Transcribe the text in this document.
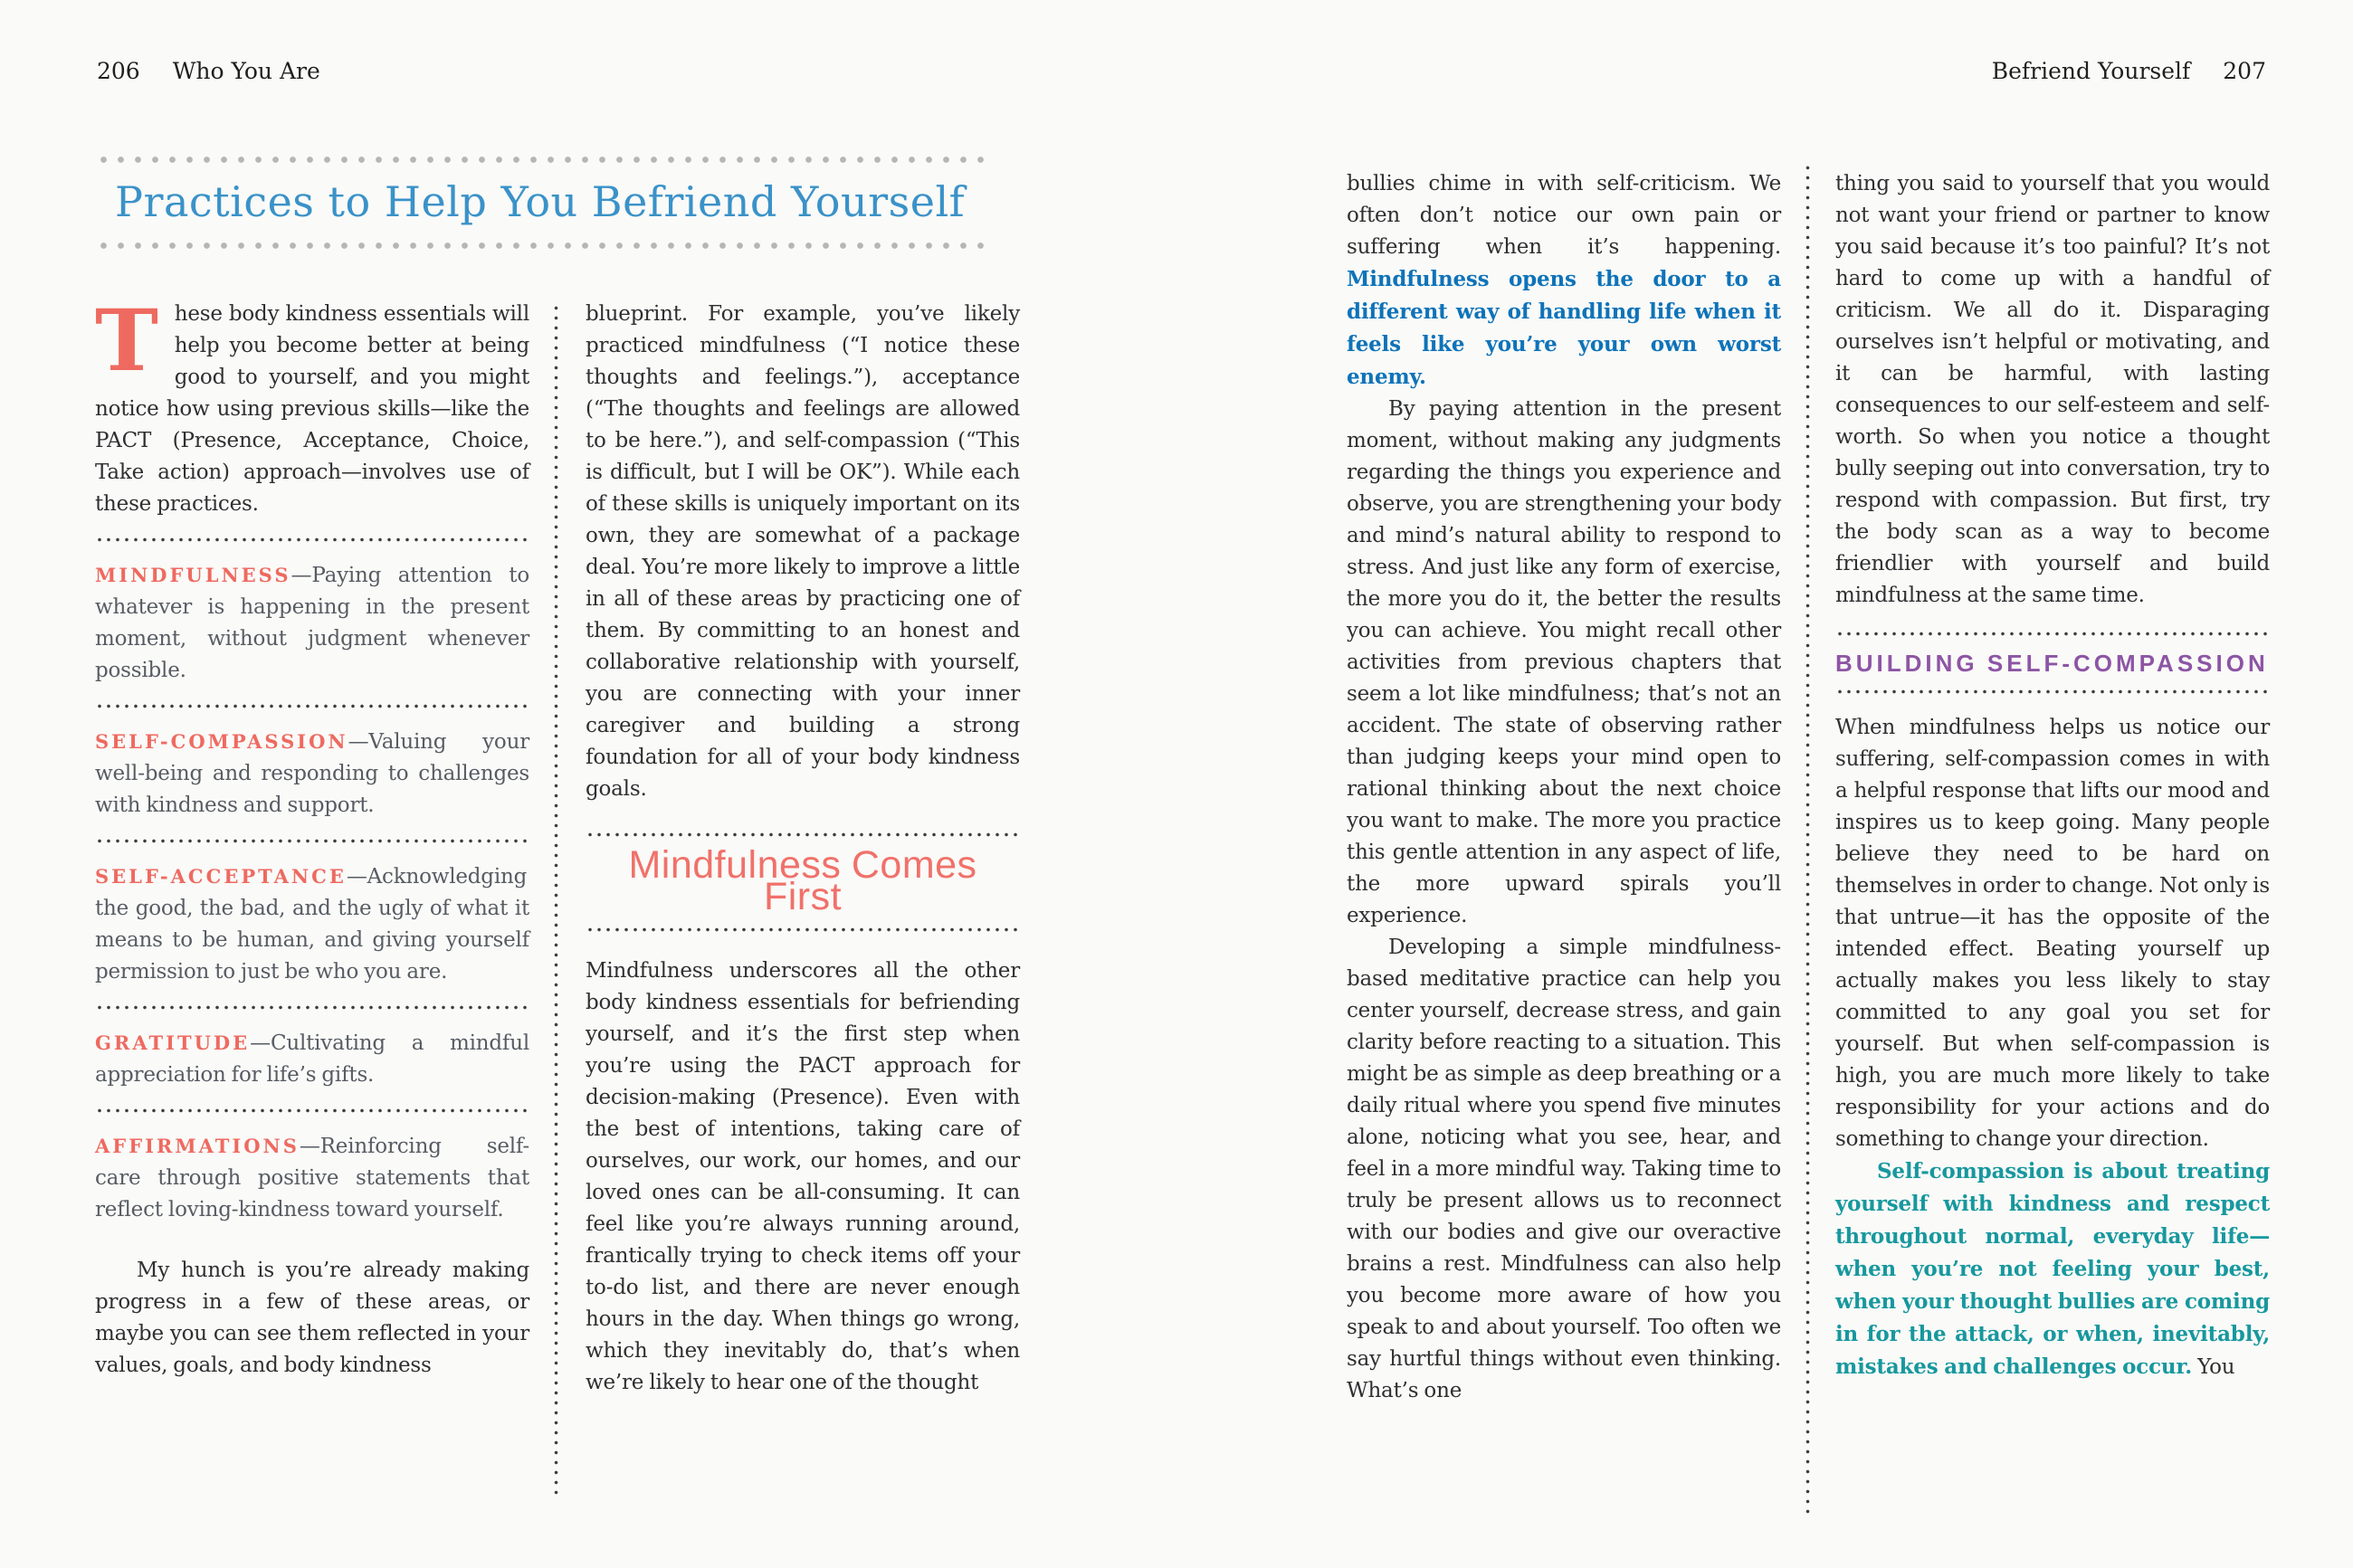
206 Who You Are	Befriend Yourself 207
Practices to Help You Befriend Yourself

These body kindness essentials will help you become better at being good to yourself, and you might notice how using previous skills—like the PACT (Presence, Acceptance, Choice, Take action) approach—involves use of these practices.

MINDFULNESS—Paying attention to whatever is happening in the present moment, without judgment whenever possible.

SELF-COMPASSION—Valuing your well-being and responding to challenges with kindness and support.

SELF-ACCEPTANCE—Acknowledging the good, the bad, and the ugly of what it means to be human, and giving yourself permission to just be who you are.

GRATITUDE—Cultivating a mindful appreciation for life’s gifts.

AFFIRMATIONS—Reinforcing self-care through positive statements that reflect loving-kindness toward yourself.

My hunch is you’re already making progress in a few of these areas, or maybe you can see them reflected in your values, goals, and body kindness

blueprint. For example, you’ve likely practiced mindfulness (“I notice these thoughts and feelings.”), acceptance (“The thoughts and feelings are allowed to be here.”), and self-compassion (“This is difficult, but I will be OK”). While each of these skills is uniquely important on its own, they are somewhat of a package deal. You’re more likely to improve a little in all of these areas by practicing one of them. By committing to an honest and collaborative relationship with yourself, you are connecting with your inner caregiver and building a strong foundation for all of your body kindness goals.

Mindfulness Comes First

Mindfulness underscores all the other body kindness essentials for befriending yourself, and it’s the first step when you’re using the PACT approach for decision-making (Presence). Even with the best of intentions, taking care of ourselves, our work, our homes, and our loved ones can be all-consuming. It can feel like you’re always running around, frantically trying to check items off your to-do list, and there are never enough hours in the day. When things go wrong, which they inevitably do, that’s when we’re likely to hear one of the thought

bullies chime in with self-criticism. We often don’t notice our own pain or suffering when it’s happening. Mindfulness opens the door to a different way of handling life when it feels like you’re your own worst enemy.

By paying attention in the present moment, without making any judgments regarding the things you experience and observe, you are strengthening your body and mind’s natural ability to respond to stress. And just like any form of exercise, the more you do it, the better the results you can achieve. You might recall other activities from previous chapters that seem a lot like mindfulness; that’s not an accident. The state of observing rather than judging keeps your mind open to rational thinking about the next choice you want to make. The more you practice this gentle attention in any aspect of life, the more upward spirals you’ll experience.

Developing a simple mindfulness-based meditative practice can help you center yourself, decrease stress, and gain clarity before reacting to a situation. This might be as simple as deep breathing or a daily ritual where you spend five minutes alone, noticing what you see, hear, and feel in a more mindful way. Taking time to truly be present allows us to reconnect with our bodies and give our overactive brains a rest. Mindfulness can also help you become more aware of how you speak to and about yourself. Too often we say hurtful things without even thinking. What’s one

thing you said to yourself that you would not want your friend or partner to know you said because it’s too painful? It’s not hard to come up with a handful of criticism. We all do it. Disparaging ourselves isn’t helpful or motivating, and it can be harmful, with lasting consequences to our self-esteem and self-worth. So when you notice a thought bully seeping out into conversation, try to respond with compassion. But first, try the body scan as a way to become friendlier with yourself and build mindfulness at the same time.

BUILDING SELF-COMPASSION

When mindfulness helps us notice our suffering, self-compassion comes in with a helpful response that lifts our mood and inspires us to keep going. Many people believe they need to be hard on themselves in order to change. Not only is that untrue—it has the opposite of the intended effect. Beating yourself up actually makes you less likely to stay committed to any goal you set for yourself. But when self-compassion is high, you are much more likely to take responsibility for your actions and do something to change your direction.

Self-compassion is about treating yourself with kindness and respect throughout normal, everyday life—when you’re not feeling your best, when your thought bullies are coming in for the attack, or when, inevitably, mistakes and challenges occur. You
